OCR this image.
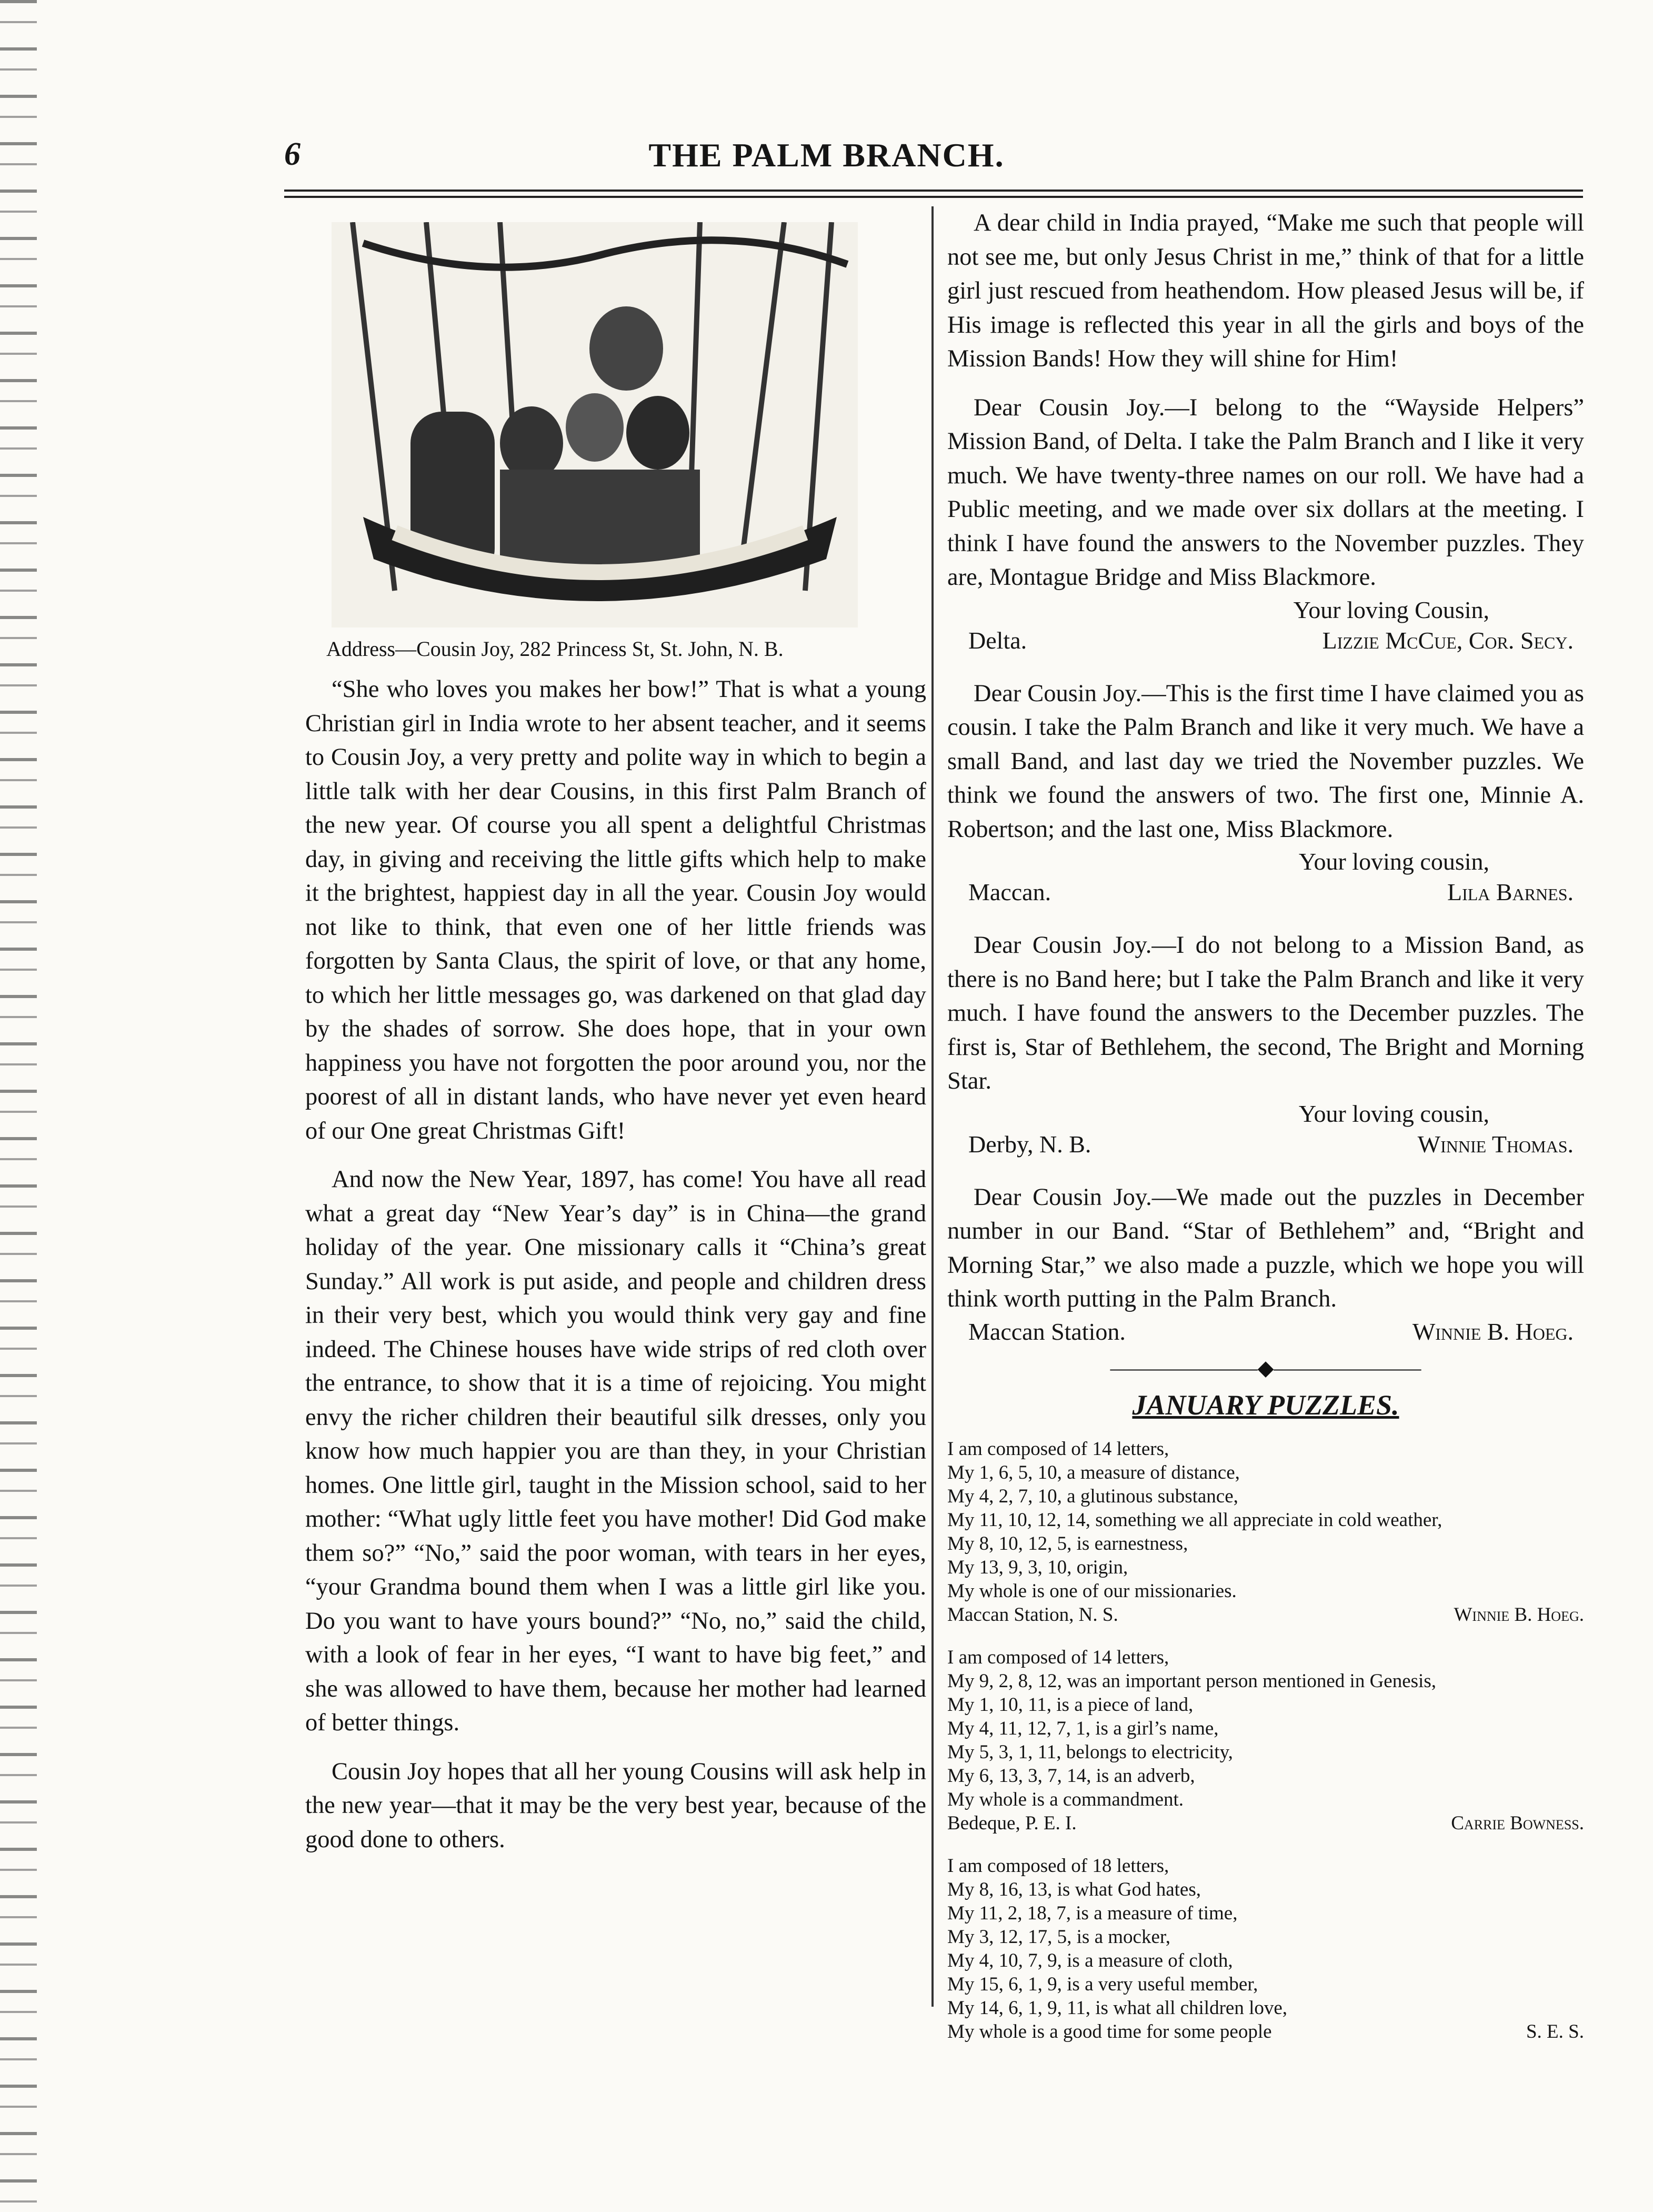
6	THE PALM BRANCH.
Address—Cousin Joy, 282 Princess St, St. John, N. B.

“She who loves you makes her bow!” That is what a young Christian girl in India wrote to her absent teacher, and it seems to Cousin Joy, a very pretty and polite way in which to begin a little talk with her dear Cousins, in this first Palm Branch of the new year. Of course you all spent a delightful Christmas day, in giving and receiving the little gifts which help to make it the brightest, happiest day in all the year. Cousin Joy would not like to think, that even one of her little friends was forgotten by Santa Claus, the spirit of love, or that any home, to which her little messages go, was darkened on that glad day by the shades of sorrow. She does hope, that in your own happiness you have not forgotten the poor around you, nor the poorest of all in distant lands, who have never yet even heard of our One great Christmas Gift!

And now the New Year, 1897, has come! You have all read what a great day “New Year’s day” is in China—the grand holiday of the year. One missionary calls it “China’s great Sunday.” All work is put aside, and people and children dress in their very best, which you would think very gay and fine indeed. The Chinese houses have wide strips of red cloth over the entrance, to show that it is a time of rejoicing. You might envy the richer children their beautiful silk dresses, only you know how much happier you are than they, in your Christian homes. One little girl, taught in the Mission school, said to her mother: “What ugly little feet you have mother! Did God make them so?” “No,” said the poor woman, with tears in her eyes, “your Grandma bound them when I was a little girl like you. Do you want to have yours bound?” “No, no,” said the child, with a look of fear in her eyes, “I want to have big feet,” and she was allowed to have them, because her mother had learned of better things.

Cousin Joy hopes that all her young Cousins will ask help in the new year—that it may be the very best year, because of the good done to others.

A dear child in India prayed, “Make me such that people will not see me, but only Jesus Christ in me,” think of that for a little girl just rescued from heathendom. How pleased Jesus will be, if His image is reflected this year in all the girls and boys of the Mission Bands! How they will shine for Him!

Dear Cousin Joy.—I belong to the “Wayside Helpers” Mission Band, of Delta. I take the Palm Branch and I like it very much. We have twenty-three names on our roll. We have had a Public meeting, and we made over six dollars at the meeting. I think I have found the answers to the November puzzles. They are, Montague Bridge and Miss Blackmore.

Your loving Cousin,
Delta.	Lizzie McCue, Cor. Secy.

Dear Cousin Joy.—This is the first time I have claimed you as cousin. I take the Palm Branch and like it very much. We have a small Band, and last day we tried the November puzzles. We think we found the answers of two. The first one, Minnie A. Robertson; and the last one, Miss Blackmore.

Your loving cousin,
Maccan.	Lila Barnes.

Dear Cousin Joy.—I do not belong to a Mission Band, as there is no Band here; but I take the Palm Branch and like it very much. I have found the answers to the December puzzles. The first is, Star of Bethlehem, the second, The Bright and Morning Star.

Your loving cousin,
Derby, N. B.	Winnie Thomas.

Dear Cousin Joy.—We made out the puzzles in December number in our Band. “Star of Bethlehem” and, “Bright and Morning Star,” we also made a puzzle, which we hope you will think worth putting in the Palm Branch.

Maccan Station.	Winnie B. Hoeg.
―――――――◆―――――――
JANUARY PUZZLES.
I am composed of 14 letters,
My 1, 6, 5, 10, a measure of distance,
My 4, 2, 7, 10, a glutinous substance,
My 11, 10, 12, 14, something we all appreciate in cold weather,
My 8, 10, 12, 5, is earnestness,
My 13, 9, 3, 10, origin,
My whole is one of our missionaries.
Maccan Station, N. S.	Winnie B. Hoeg.
I am composed of 14 letters,
My 9, 2, 8, 12, was an important person mentioned in Genesis,
My 1, 10, 11, is a piece of land,
My 4, 11, 12, 7, 1, is a girl’s name,
My 5, 3, 1, 11, belongs to electricity,
My 6, 13, 3, 7, 14, is an adverb,
My whole is a commandment.
Bedeque, P. E. I.	Carrie Bowness.
I am composed of 18 letters,
My 8, 16, 13, is what God hates,
My 11, 2, 18, 7, is a measure of time,
My 3, 12, 17, 5, is a mocker,
My 4, 10, 7, 9, is a measure of cloth,
My 15, 6, 1, 9, is a very useful member,
My 14, 6, 1, 9, 11, is what all children love,
My whole is a good time for some people	S. E. S.
